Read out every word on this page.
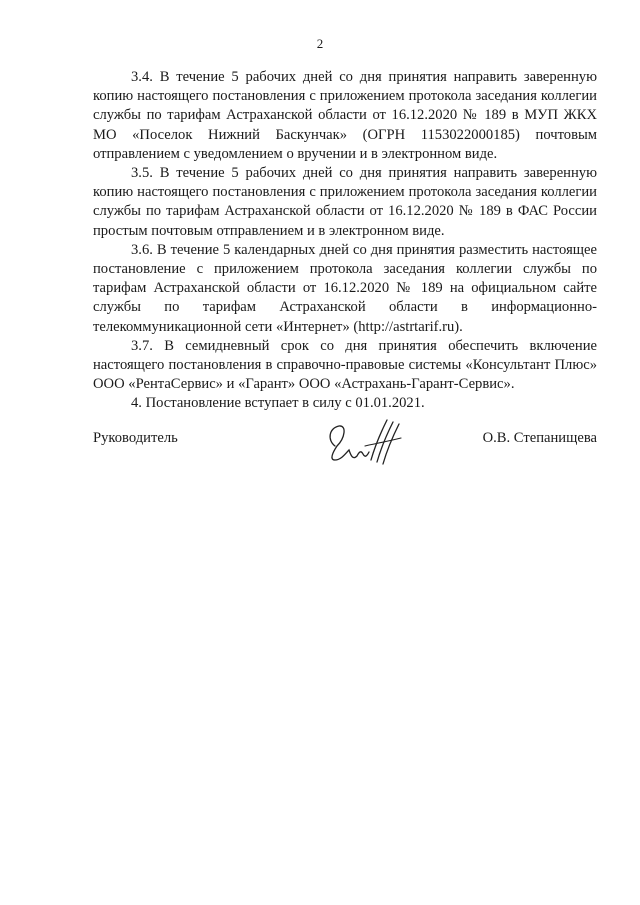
2

3.4. В течение 5 рабочих дней со дня принятия направить заверенную копию настоящего постановления с приложением протокола заседания коллегии службы по тарифам Астраханской области от 16.12.2020 № 189 в МУП ЖКХ МО «Поселок Нижний Баскунчак» (ОГРН 1153022000185) почтовым отправлением с уведомлением о вручении и в электронном виде.

3.5. В течение 5 рабочих дней со дня принятия направить заверенную копию настоящего постановления с приложением протокола заседания коллегии службы по тарифам Астраханской области от 16.12.2020 № 189 в ФАС России простым почтовым отправлением и в электронном виде.

3.6. В течение 5 календарных дней со дня принятия разместить настоящее постановление с приложением протокола заседания коллегии службы по тарифам Астраханской области от 16.12.2020 № 189 на официальном сайте службы по тарифам Астраханской области в информационно-телекоммуникационной сети «Интернет» (http://astrtarif.ru).

3.7. В семидневный срок со дня принятия обеспечить включение настоящего постановления в справочно-правовые системы «Консультант Плюс» ООО «РентаСервис» и «Гарант» ООО «Астрахань-Гарант-Сервис».

4. Постановление вступает в силу с 01.01.2021.

Руководитель	О.В. Степанищева
